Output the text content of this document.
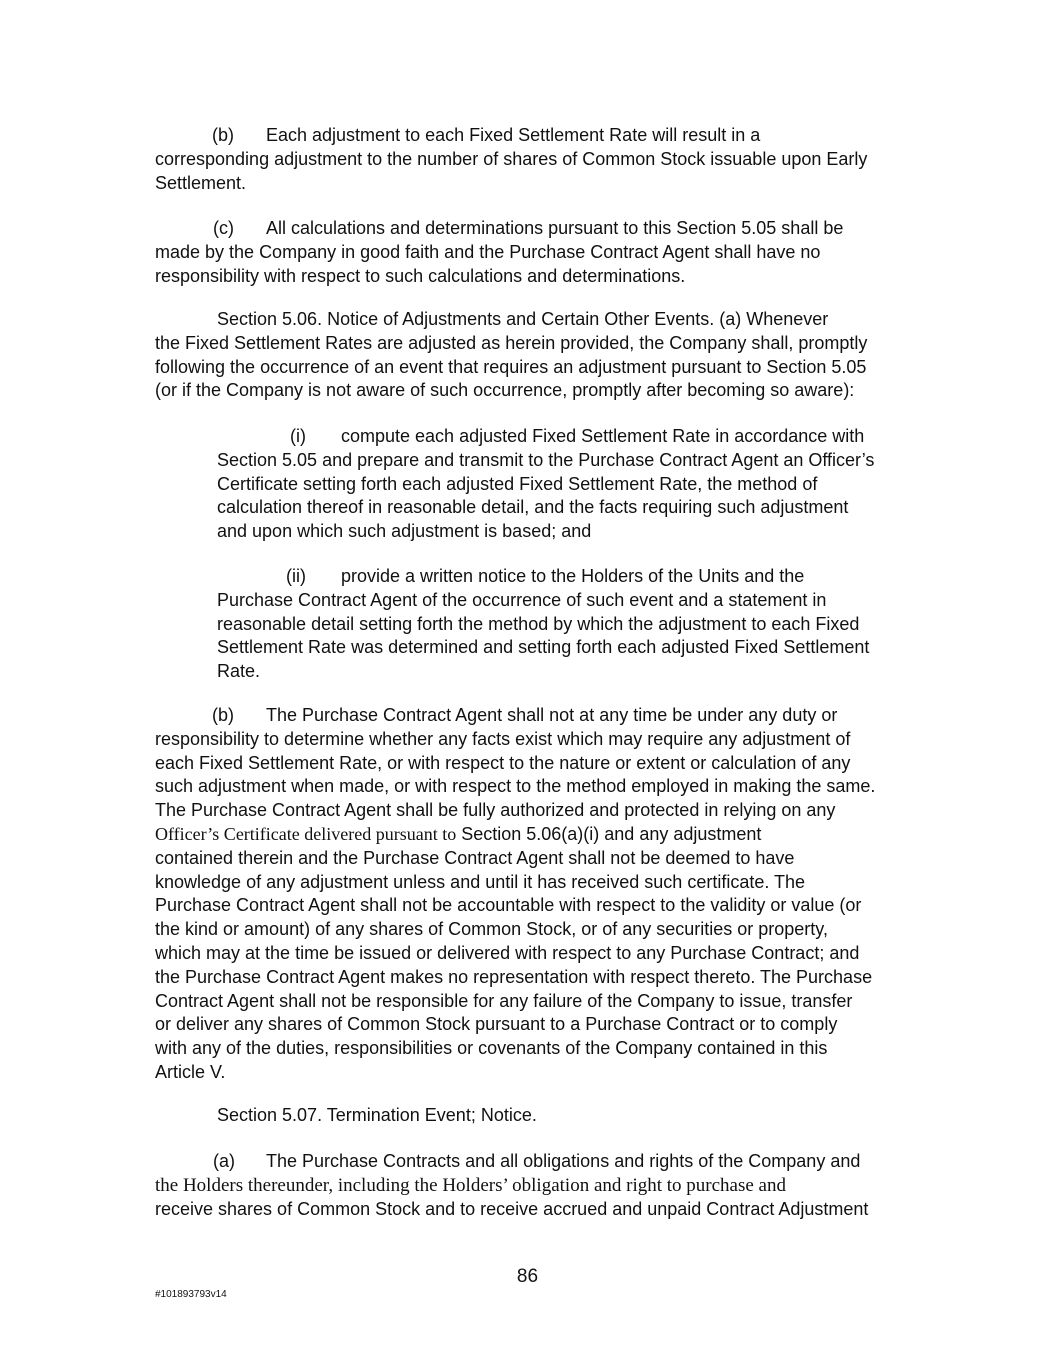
(b) Each adjustment to each Fixed Settlement Rate will result in a
corresponding adjustment to the number of shares of Common Stock issuable upon Early
Settlement.

(c) All calculations and determinations pursuant to this Section 5.05 shall be
made by the Company in good faith and the Purchase Contract Agent shall have no
responsibility with respect to such calculations and determinations.

Section 5.06. Notice of Adjustments and Certain Other Events. (a) Whenever
the Fixed Settlement Rates are adjusted as herein provided, the Company shall, promptly
following the occurrence of an event that requires an adjustment pursuant to Section 5.05
(or if the Company is not aware of such occurrence, promptly after becoming so aware):

(i) compute each adjusted Fixed Settlement Rate in accordance with
Section 5.05 and prepare and transmit to the Purchase Contract Agent an Officer’s
Certificate setting forth each adjusted Fixed Settlement Rate, the method of
calculation thereof in reasonable detail, and the facts requiring such adjustment
and upon which such adjustment is based; and

(ii) provide a written notice to the Holders of the Units and the
Purchase Contract Agent of the occurrence of such event and a statement in
reasonable detail setting forth the method by which the adjustment to each Fixed
Settlement Rate was determined and setting forth each adjusted Fixed Settlement
Rate.

(b) The Purchase Contract Agent shall not at any time be under any duty or
responsibility to determine whether any facts exist which may require any adjustment of
each Fixed Settlement Rate, or with respect to the nature or extent or calculation of any
such adjustment when made, or with respect to the method employed in making the same.
The Purchase Contract Agent shall be fully authorized and protected in relying on any
Officer’s Certificate delivered pursuant to Section 5.06(a)(i) and any adjustment
contained therein and the Purchase Contract Agent shall not be deemed to have
knowledge of any adjustment unless and until it has received such certificate. The
Purchase Contract Agent shall not be accountable with respect to the validity or value (or
the kind or amount) of any shares of Common Stock, or of any securities or property,
which may at the time be issued or delivered with respect to any Purchase Contract; and
the Purchase Contract Agent makes no representation with respect thereto. The Purchase
Contract Agent shall not be responsible for any failure of the Company to issue, transfer
or deliver any shares of Common Stock pursuant to a Purchase Contract or to comply
with any of the duties, responsibilities or covenants of the Company contained in this
Article V.

Section 5.07. Termination Event; Notice.

(a) The Purchase Contracts and all obligations and rights of the Company and
the Holders thereunder, including the Holders’ obligation and right to purchase and
receive shares of Common Stock and to receive accrued and unpaid Contract Adjustment

86
#101893793v14
